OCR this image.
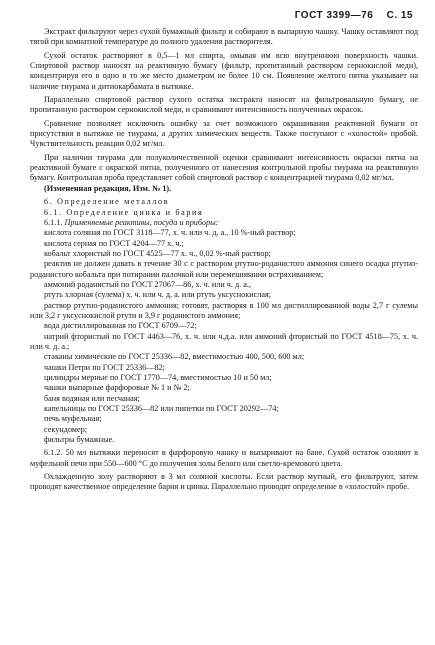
ГОСТ 3399—76 С. 15

Экстракт фильтруют через сухой бумажный фильтр и собирают в выпарную чашку. Чашку оставляют под тягой при комнатной температуре до полного удаления растворителя.

Сухой остаток растворяют в 0,5—1 мл спирта, омывая им всю внутреннюю поверхность чашки. Спиртовой раствор наносят на реактивную бумагу (фильтр, пропитанный раствором сернокислой меди), концентрируя его в одно и то же место диаметром не более 10 см. Появление желтого пятна указывает на наличие тиурама и дитиокарбамата в вытяжке.

Параллельно спиртовой раствор сухого остатка экстракта наносят на фильтровальную бумагу, не пропитанную раствором сернокислой меди, и сравнивают интенсивность полученных окрасок.

Сравнение позволяет исключить ошибку за счет возможного окрашивания реактивной бумаги от присутствия в вытяжке не тиурама, а других химических веществ. Также поступают с «холостой» пробой. Чувствительность реакции 0,02 мг/мл.

При наличии тиурама для полуколичественной оценки сравнивают интенсивность окраски пятна на реактивной бумаге с окраской пятна, полученного от нанесения контрольной пробы тиурама на реактивную бумагу. Контрольная проба представляет собой спиртовой раствор с концентрацией тиурама 0,02 мг/мл.

(Измененная редакция, Изм. № 1).

6. Определение металлов

6.1. Определение цинка и бария

6.1.1. Применяемые реактивы, посуда и приборы:

кислота соляная по ГОСТ 3118—77, х. ч. или ч. д. а., 10 %-ный раствор;

кислота серная по ГОСТ 4204—77 х. ч.;

кобальт хлористый по ГОСТ 4525—77 х. ч., 0,02 %-ный раствор;

реактив не должен давать в течение 30 с с раствором ртутно-роданистого аммония синего осадка ртутно-роданистого кобальта при потирании палочкой или перемешивании встряхиванием;

аммоний роданистый по ГОСТ 27067—86, х. ч. или ч. д. а.,

ртуть хлорная (сулема) х. ч. или ч. д. а. или ртуть уксуснокислая;

раствор ртутно-роданистого аммония; готовят, растворяя в 100 мл дистиллированной воды 2,7 г сулемы или 3,2 г уксуснокислой ртути и 3,9 г роданистого аммония;

вода дистиллированная по ГОСТ 6709—72;

натрий фтористый по ГОСТ 4463—76, х. ч. или ч.д.а. или аммоний фтористый по ГОСТ 4518—75, х. ч. или ч. д. а.;

стаканы химические по ГОСТ 25336—82, вместимостью 400, 500, 600 мл;

чашки Петри по ГОСТ 25336—82;

цилиндры мерные по ГОСТ 1770—74, вместимостью 10 и 50 мл;

чашки выпарные фарфоровые № 1 и № 2;

баня водяная или песчаная;

капельницы по ГОСТ 25336—82 или пипетки по ГОСТ 20292—74;

печь муфельная;

секундомер;

фильтры бумажные.

6.1.2. 50 мл вытяжки переносят в фарфоровую чашку и выпаривают на бане. Сухой остаток озоляют в муфельной печи при 550—600 °С до получения золы белого или светло-кремового цвета.

Охлажденную золу растворяют в 3 мл соляной кислоты. Если раствор мутный, его фильтруют, затем проводят качественное определение бария и цинка. Параллельно проводят определение в «холостой» пробе.
